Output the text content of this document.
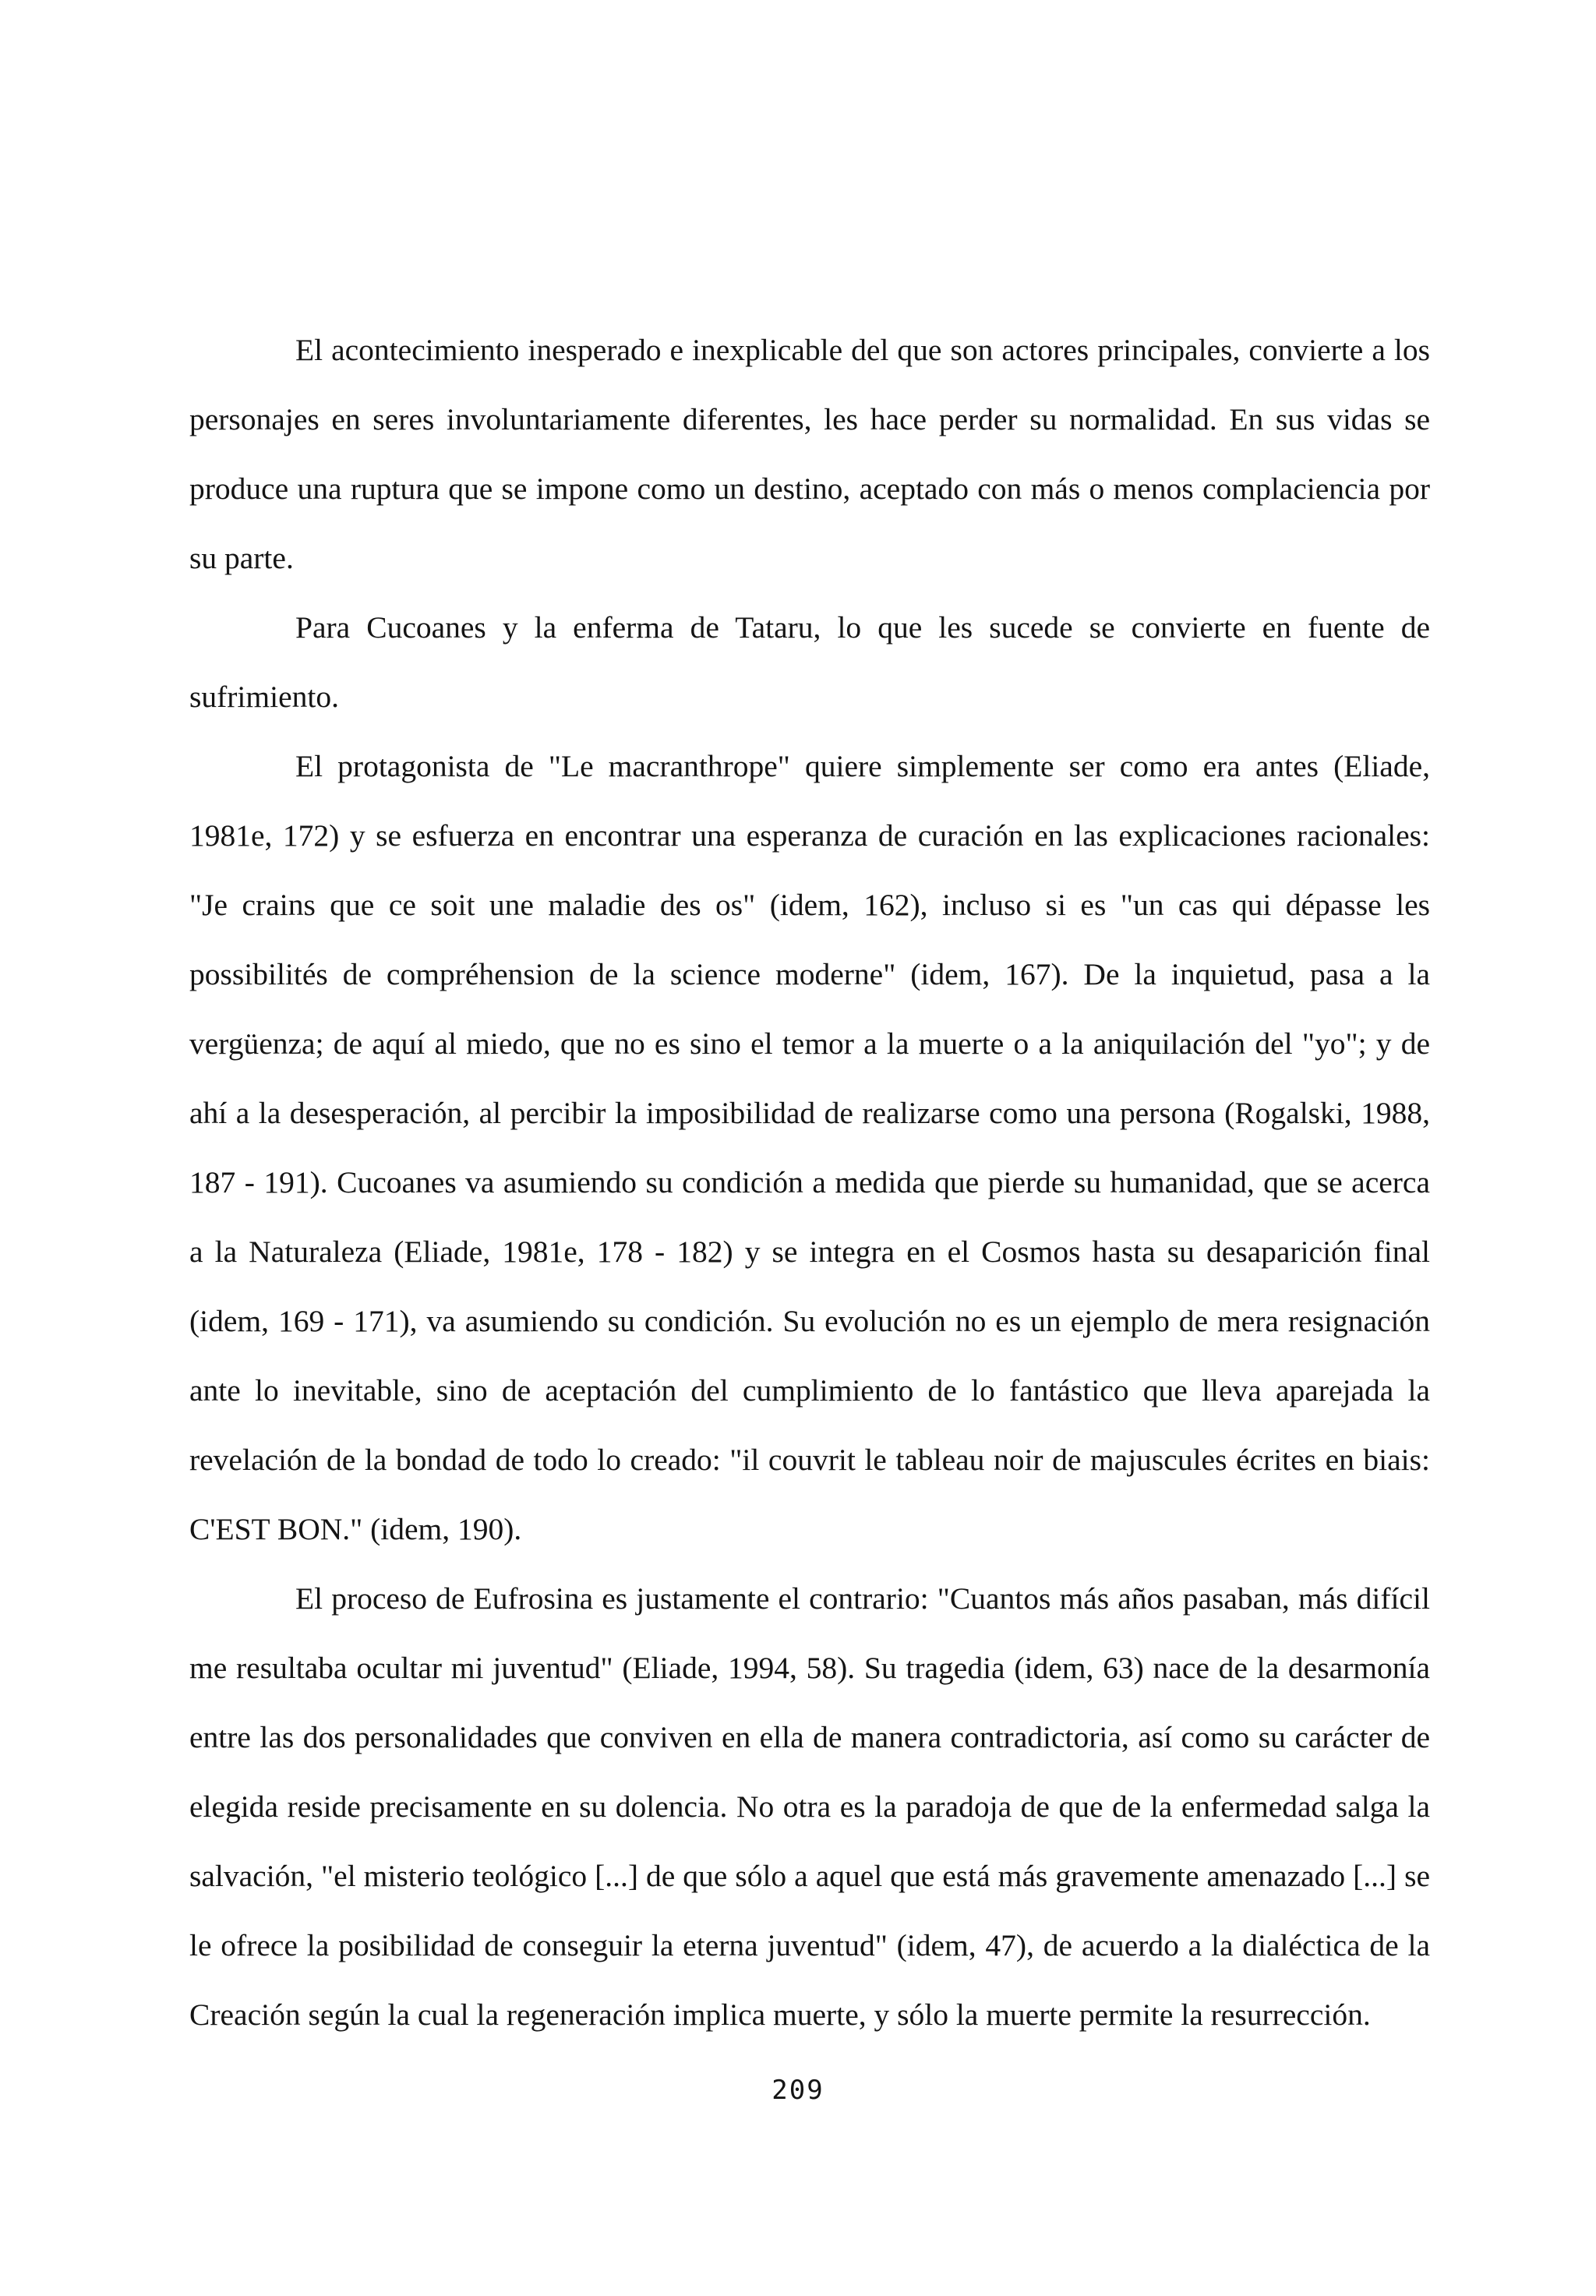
El acontecimiento inesperado e inexplicable del que son actores principales, convierte a los personajes en seres involuntariamente diferentes, les hace perder su normalidad. En sus vidas se produce una ruptura que se impone como un destino, aceptado con más o menos complaciencia por su parte.

Para Cucoanes y la enferma de Tataru, lo que les sucede se convierte en fuente de sufrimiento.

El protagonista de "Le macranthrope" quiere simplemente ser como era antes (Eliade, 1981e, 172) y se esfuerza en encontrar una esperanza de curación en las explicaciones racionales: "Je crains que ce soit une maladie des os" (idem, 162), incluso si es "un cas qui dépasse les possibilités de compréhension de la science moderne" (idem, 167). De la inquietud, pasa a la vergüenza; de aquí al miedo, que no es sino el temor a la muerte o a la aniquilación del "yo"; y de ahí a la desesperación, al percibir la imposibilidad de realizarse como una persona (Rogalski, 1988, 187 - 191). Cucoanes va asumiendo su condición a medida que pierde su humanidad, que se acerca a la Naturaleza (Eliade, 1981e, 178 - 182) y se integra en el Cosmos hasta su desaparición final (idem, 169 - 171), va asumiendo su condición. Su evolución no es un ejemplo de mera resignación ante lo inevitable, sino de aceptación del cumplimiento de lo fantástico que lleva aparejada la revelación de la bondad de todo lo creado: "il couvrit le tableau noir de majuscules écrites en biais: C'EST BON." (idem, 190).

El proceso de Eufrosina es justamente el contrario: "Cuantos más años pasaban, más difícil me resultaba ocultar mi juventud" (Eliade, 1994, 58). Su tragedia (idem, 63) nace de la desarmonía entre las dos personalidades que conviven en ella de manera contradictoria, así como su carácter de elegida reside precisamente en su dolencia. No otra es la paradoja de que de la enfermedad salga la salvación, "el misterio teológico [...] de que sólo a aquel que está más gravemente amenazado [...] se le ofrece la posibilidad de conseguir la eterna juventud" (idem, 47), de acuerdo a la dialéctica de la Creación según la cual la regeneración implica muerte, y sólo la muerte permite la resurrección.

209
